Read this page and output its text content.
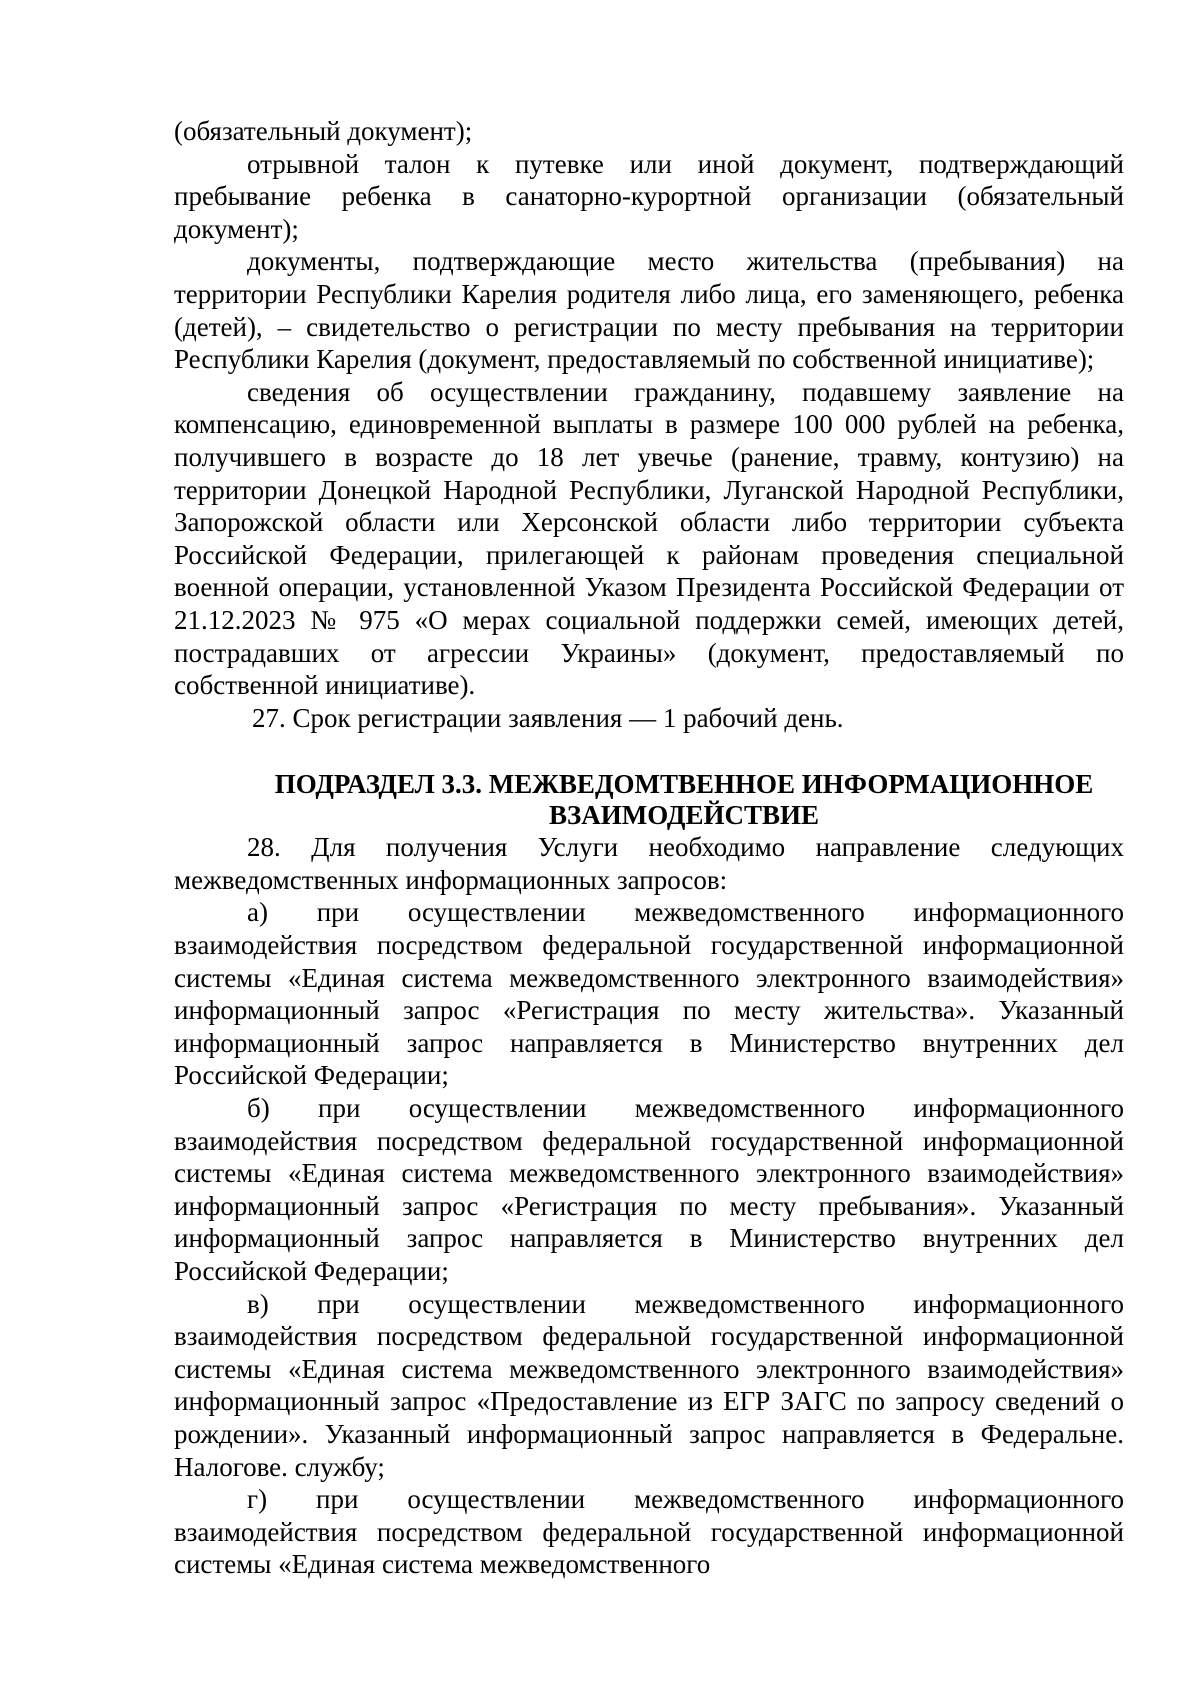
(обязательный документ);

отрывной талон к путевке или иной документ, подтверждающий пребывание ребенка в санаторно-курортной организации (обязательный документ);

документы, подтверждающие место жительства (пребывания) на территории Республики Карелия родителя либо лица, его заменяющего, ребенка (детей), – свидетельство о регистрации по месту пребывания на территории Республики Карелия (документ, предоставляемый по собственной инициативе);

сведения об осуществлении гражданину, подавшему заявление на компенсацию, единовременной выплаты в размере 100 000 рублей на ребенка, получившего в возрасте до 18 лет увечье (ранение, травму, контузию) на территории Донецкой Народной Республики, Луганской Народной Республики, Запорожской области или Херсонской области либо территории субъекта Российской Федерации, прилегающей к районам проведения специальной военной операции, установленной Указом Президента Российской Федерации от 21.12.2023 № 975 «О мерах социальной поддержки семей, имеющих детей, пострадавших от агрессии Украины» (документ, предоставляемый по собственной инициативе).

27. Срок регистрации заявления — 1 рабочий день.

ПОДРАЗДЕЛ 3.3. МЕЖВЕДОМТВЕННОЕ ИНФОРМАЦИОННОЕ
ВЗАИМОДЕЙСТВИЕ

28. Для получения Услуги необходимо направление следующих межведомственных информационных запросов:

а) при осуществлении межведомственного информационного взаимодействия посредством федеральной государственной информационной системы «Единая система межведомственного электронного взаимодействия» информационный запрос «Регистрация по месту жительства». Указанный информационный запрос направляется в Министерство внутренних дел Российской Федерации;

б) при осуществлении межведомственного информационного взаимодействия посредством федеральной государственной информационной системы «Единая система межведомственного электронного взаимодействия» информационный запрос «Регистрация по месту пребывания». Указанный информационный запрос направляется в Министерство внутренних дел Российской Федерации;

в) при осуществлении межведомственного информационного взаимодействия посредством федеральной государственной информационной системы «Единая система межведомственного электронного взаимодействия» информационный запрос «Предоставление из ЕГР ЗАГС по запросу сведений о рождении». Указанный информационный запрос направляется в Федеральне. Налогове. службу;

г) при осуществлении межведомственного информационного взаимодействия посредством федеральной государственной информационной системы «Единая система межведомственного
